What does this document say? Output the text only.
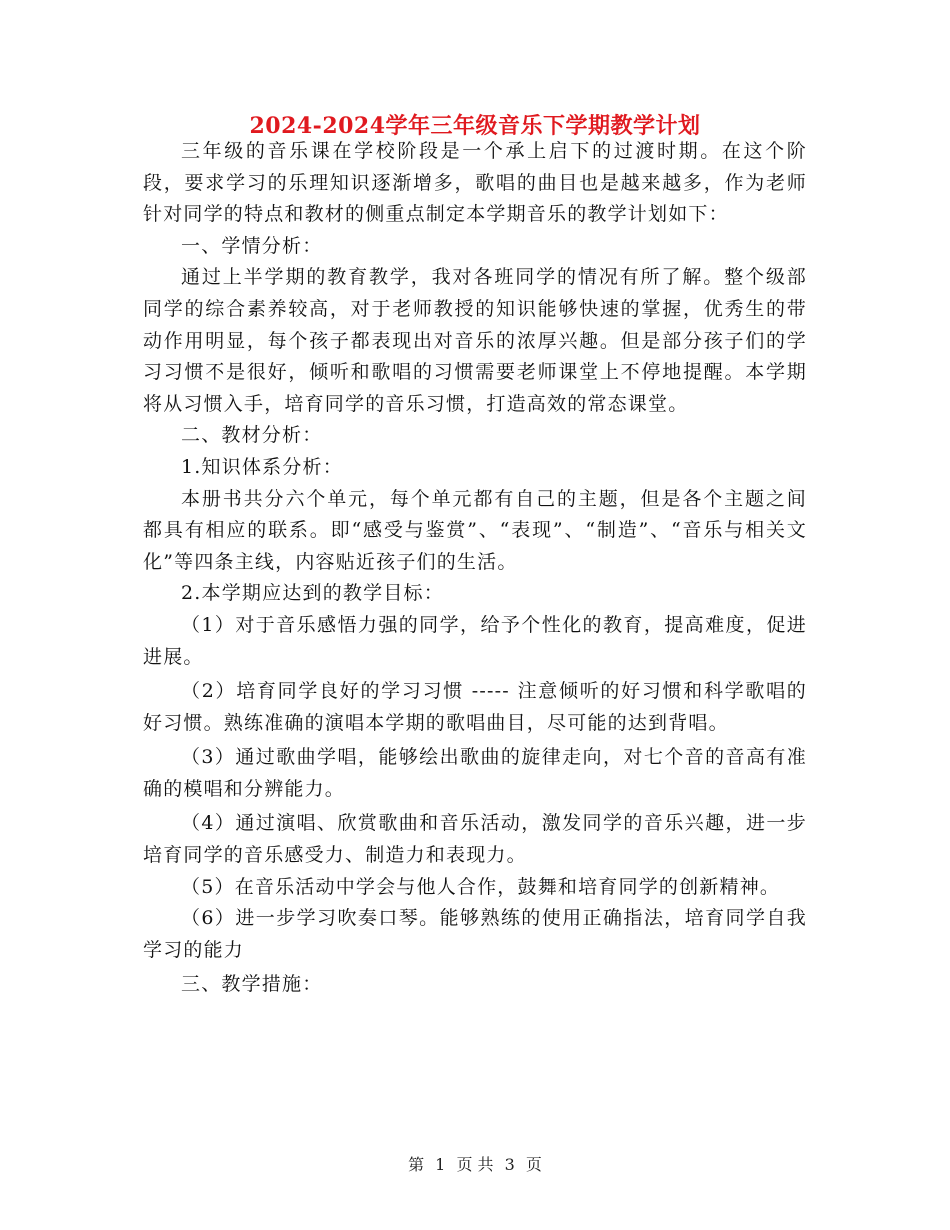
2024-2024学年三年级音乐下学期教学计划

三年级的音乐课在学校阶段是一个承上启下的过渡时期。在这个阶段，要求学习的乐理知识逐渐增多，歌唱的曲目也是越来越多，作为老师针对同学的特点和教材的侧重点制定本学期音乐的教学计划如下：

一、学情分析：

通过上半学期的教育教学，我对各班同学的情况有所了解。整个级部同学的综合素养较高，对于老师教授的知识能够快速的掌握，优秀生的带动作用明显，每个孩子都表现出对音乐的浓厚兴趣。但是部分孩子们的学习习惯不是很好，倾听和歌唱的习惯需要老师课堂上不停地提醒。本学期将从习惯入手，培育同学的音乐习惯，打造高效的常态课堂。

二、教材分析：

1.知识体系分析：

本册书共分六个单元，每个单元都有自己的主题，但是各个主题之间都具有相应的联系。即“感受与鉴赏”、“表现”、“制造”、“音乐与相关文化”等四条主线，内容贴近孩子们的生活。

2.本学期应达到的教学目标：

（1）对于音乐感悟力强的同学，给予个性化的教育，提高难度，促进进展。

（2）培育同学良好的学习习惯 ----- 注意倾听的好习惯和科学歌唱的好习惯。熟练准确的演唱本学期的歌唱曲目，尽可能的达到背唱。

（3）通过歌曲学唱，能够绘出歌曲的旋律走向，对七个音的音高有准确的模唱和分辨能力。

（4）通过演唱、欣赏歌曲和音乐活动，激发同学的音乐兴趣，进一步培育同学的音乐感受力、制造力和表现力。

（5）在音乐活动中学会与他人合作，鼓舞和培育同学的创新精神。

（6）进一步学习吹奏口琴。能够熟练的使用正确指法，培育同学自我学习的能力

三、教学措施：

第 1 页 共 3 页
